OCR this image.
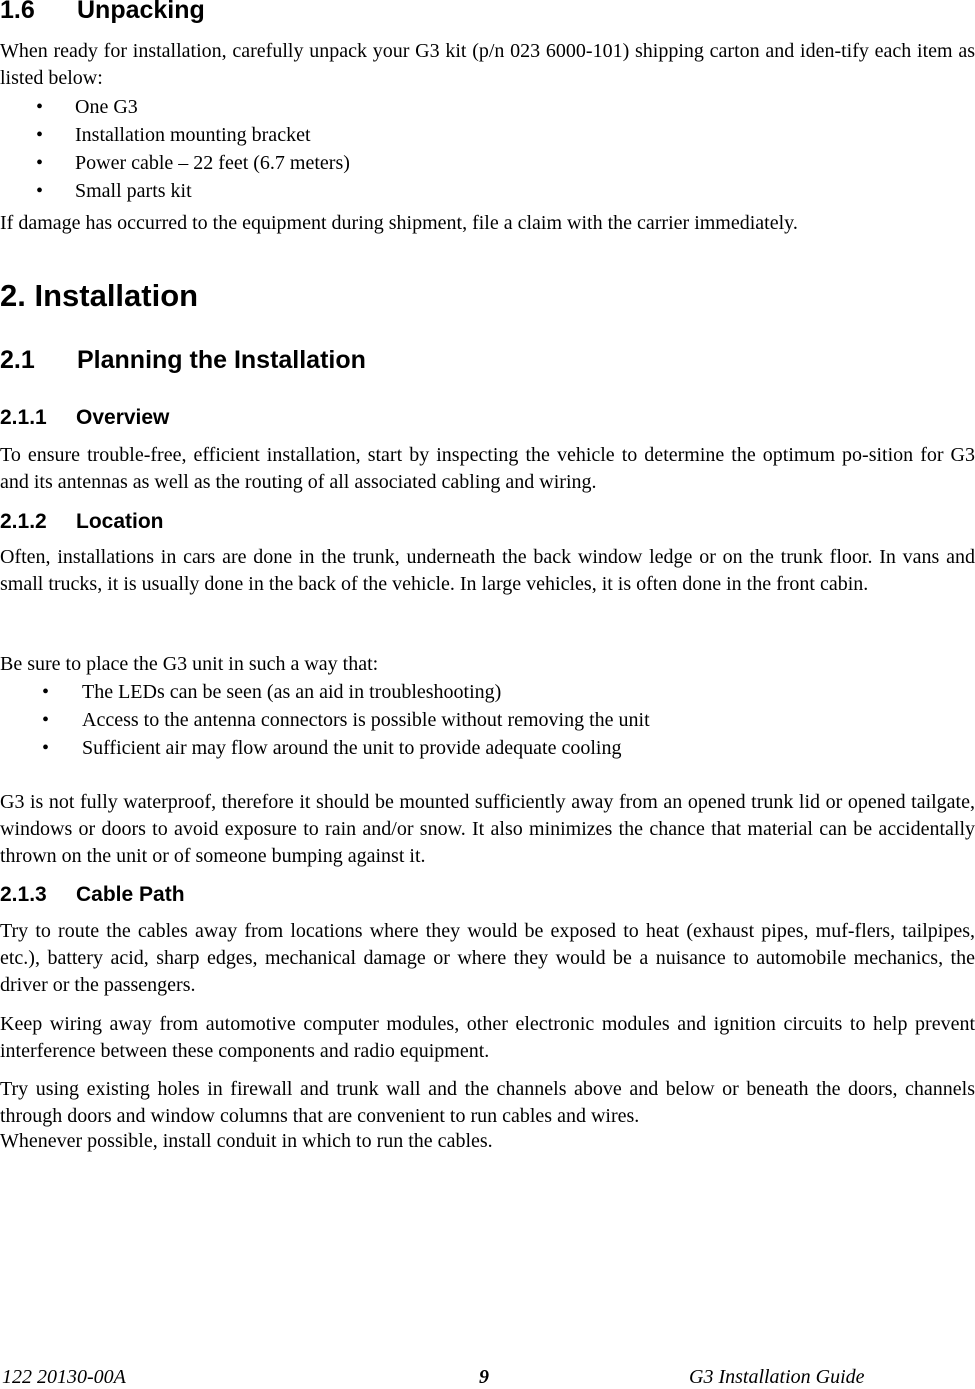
1.6 Unpacking

When ready for installation, carefully unpack your G3 kit (p/n 023 6000-101) shipping carton and iden-tify each item as listed below:

• One G3
• Installation mounting bracket
• Power cable – 22 feet (6.7 meters)
• Small parts kit

If damage has occurred to the equipment during shipment, file a claim with the carrier immediately.

2. Installation
2.1 Planning the Installation
2.1.1 Overview

To ensure trouble-free, efficient installation, start by inspecting the vehicle to determine the optimum po-sition for G3 and its antennas as well as the routing of all associated cabling and wiring.

2.1.2 Location

Often, installations in cars are done in the trunk, underneath the back window ledge or on the trunk floor. In vans and small trucks, it is usually done in the back of the vehicle. In large vehicles, it is often done in the front cabin.

Be sure to place the G3 unit in such a way that:

• The LEDs can be seen (as an aid in troubleshooting)
• Access to the antenna connectors is possible without removing the unit
• Sufficient air may flow around the unit to provide adequate cooling

G3 is not fully waterproof, therefore it should be mounted sufficiently away from an opened trunk lid or opened tailgate, windows or doors to avoid exposure to rain and/or snow. It also minimizes the chance that material can be accidentally thrown on the unit or of someone bumping against it.

2.1.3 Cable Path

Try to route the cables away from locations where they would be exposed to heat (exhaust pipes, muf-flers, tailpipes, etc.), battery acid, sharp edges, mechanical damage or where they would be a nuisance to automobile mechanics, the driver or the passengers.

Keep wiring away from automotive computer modules, other electronic modules and ignition circuits to help prevent interference between these components and radio equipment.

Try using existing holes in firewall and trunk wall and the channels above and below or beneath the doors, channels through doors and window columns that are convenient to run cables and wires.

Whenever possible, install conduit in which to run the cables.

122 20130-00A	9	G3 Installation Guide
